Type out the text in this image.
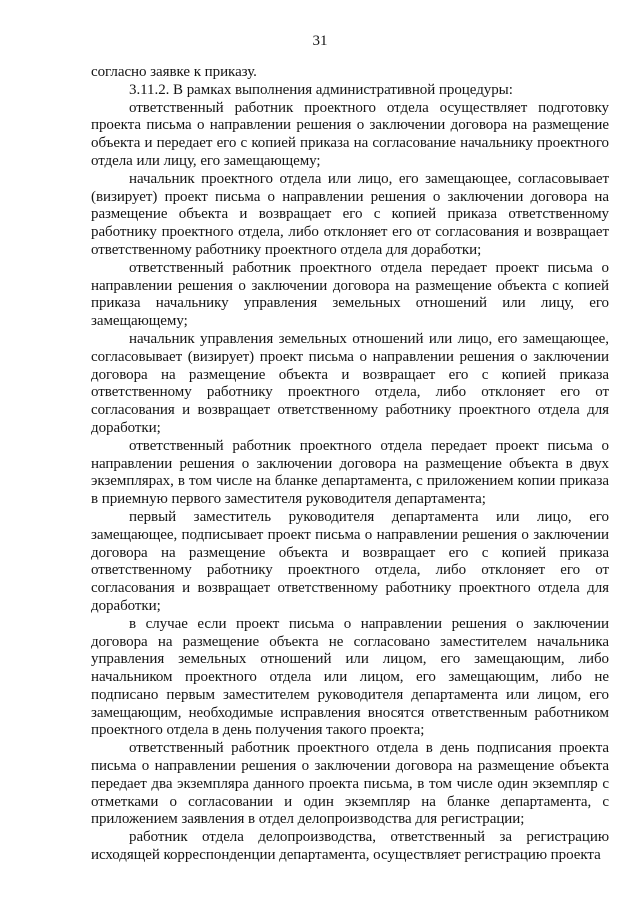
31

согласно заявке к приказу.

3.11.2. В рамках выполнения административной процедуры:

ответственный работник проектного отдела осуществляет подготовку проекта письма о направлении решения о заключении договора на размещение объекта и передает его с копией приказа на согласование начальнику проектного отдела или лицу, его замещающему;

начальник проектного отдела или лицо, его замещающее, согласовывает (визирует) проект письма о направлении решения о заключении договора на размещение объекта и возвращает его с копией приказа ответственному работнику проектного отдела, либо отклоняет его от согласования и возвращает ответственному работнику проектного отдела для доработки;

ответственный работник проектного отдела передает проект письма о направлении решения о заключении договора на размещение объекта с копией приказа начальнику управления земельных отношений или лицу, его замещающему;

начальник управления земельных отношений или лицо, его замещающее, согласовывает (визирует) проект письма о направлении решения о заключении договора на размещение объекта и возвращает его с копией приказа ответственному работнику проектного отдела, либо отклоняет его от согласования и возвращает ответственному работнику проектного отдела для доработки;

ответственный работник проектного отдела передает проект письма о направлении решения о заключении договора на размещение объекта в двух экземплярах, в том числе на бланке департамента, с приложением копии приказа в приемную первого заместителя руководителя департамента;

первый заместитель руководителя департамента или лицо, его замещающее, подписывает проект письма о направлении решения о заключении договора на размещение объекта и возвращает его с копией приказа ответственному работнику проектного отдела, либо отклоняет его от согласования и возвращает ответственному работнику проектного отдела для доработки;

в случае если проект письма о направлении решения о заключении договора на размещение объекта не согласовано заместителем начальника управления земельных отношений или лицом, его замещающим, либо начальником проектного отдела или лицом, его замещающим, либо не подписано первым заместителем руководителя департамента или лицом, его замещающим, необходимые исправления вносятся ответственным работником проектного отдела в день получения такого проекта;

ответственный работник проектного отдела в день подписания проекта письма о направлении решения о заключении договора на размещение объекта передает два экземпляра данного проекта письма, в том числе один экземпляр с отметками о согласовании и один экземпляр на бланке департамента, с приложением заявления в отдел делопроизводства для регистрации;

работник отдела делопроизводства, ответственный за регистрацию исходящей корреспонденции департамента, осуществляет регистрацию проекта
